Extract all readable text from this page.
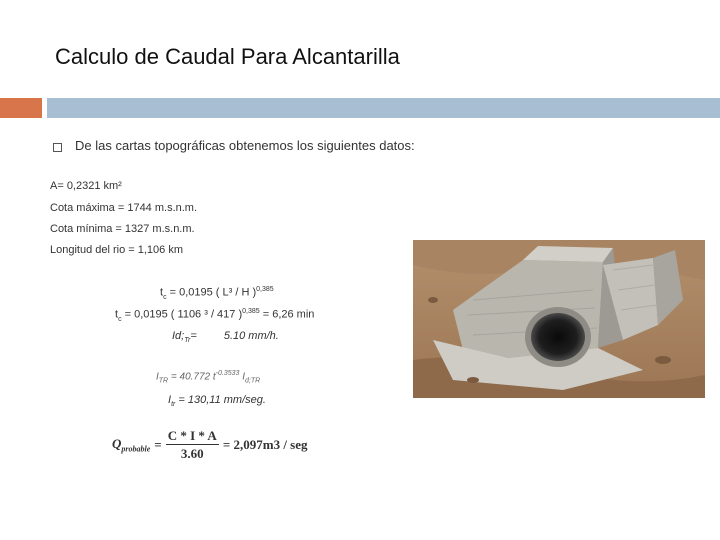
Calculo de Caudal Para Alcantarilla
De las cartas topográficas obtenemos los siguientes datos:
A= 0,2321 km²
Cota máxima = 1744 m.s.n.m.
Cota mínima = 1327 m.s.n.m.
Longitud del rio = 1,106 km
$t_c = 0,0195$ ( L³ / H )$^{0,385}$
$t_c = 0,0195$ ( 1106 ³ / 417 )$^{0,385}$ = 6,26 min
$Id;_{Tr}= 5.10$ mm/h.
$I_{TR} = 40.772$ $t^{-0.3533}$ $I_{d;TR}$
$I_{tr} = 130,11$ mm/seg.
$Q_{probable} = \frac{C * I * A}{3.60} = 2,097m3$ / seg
